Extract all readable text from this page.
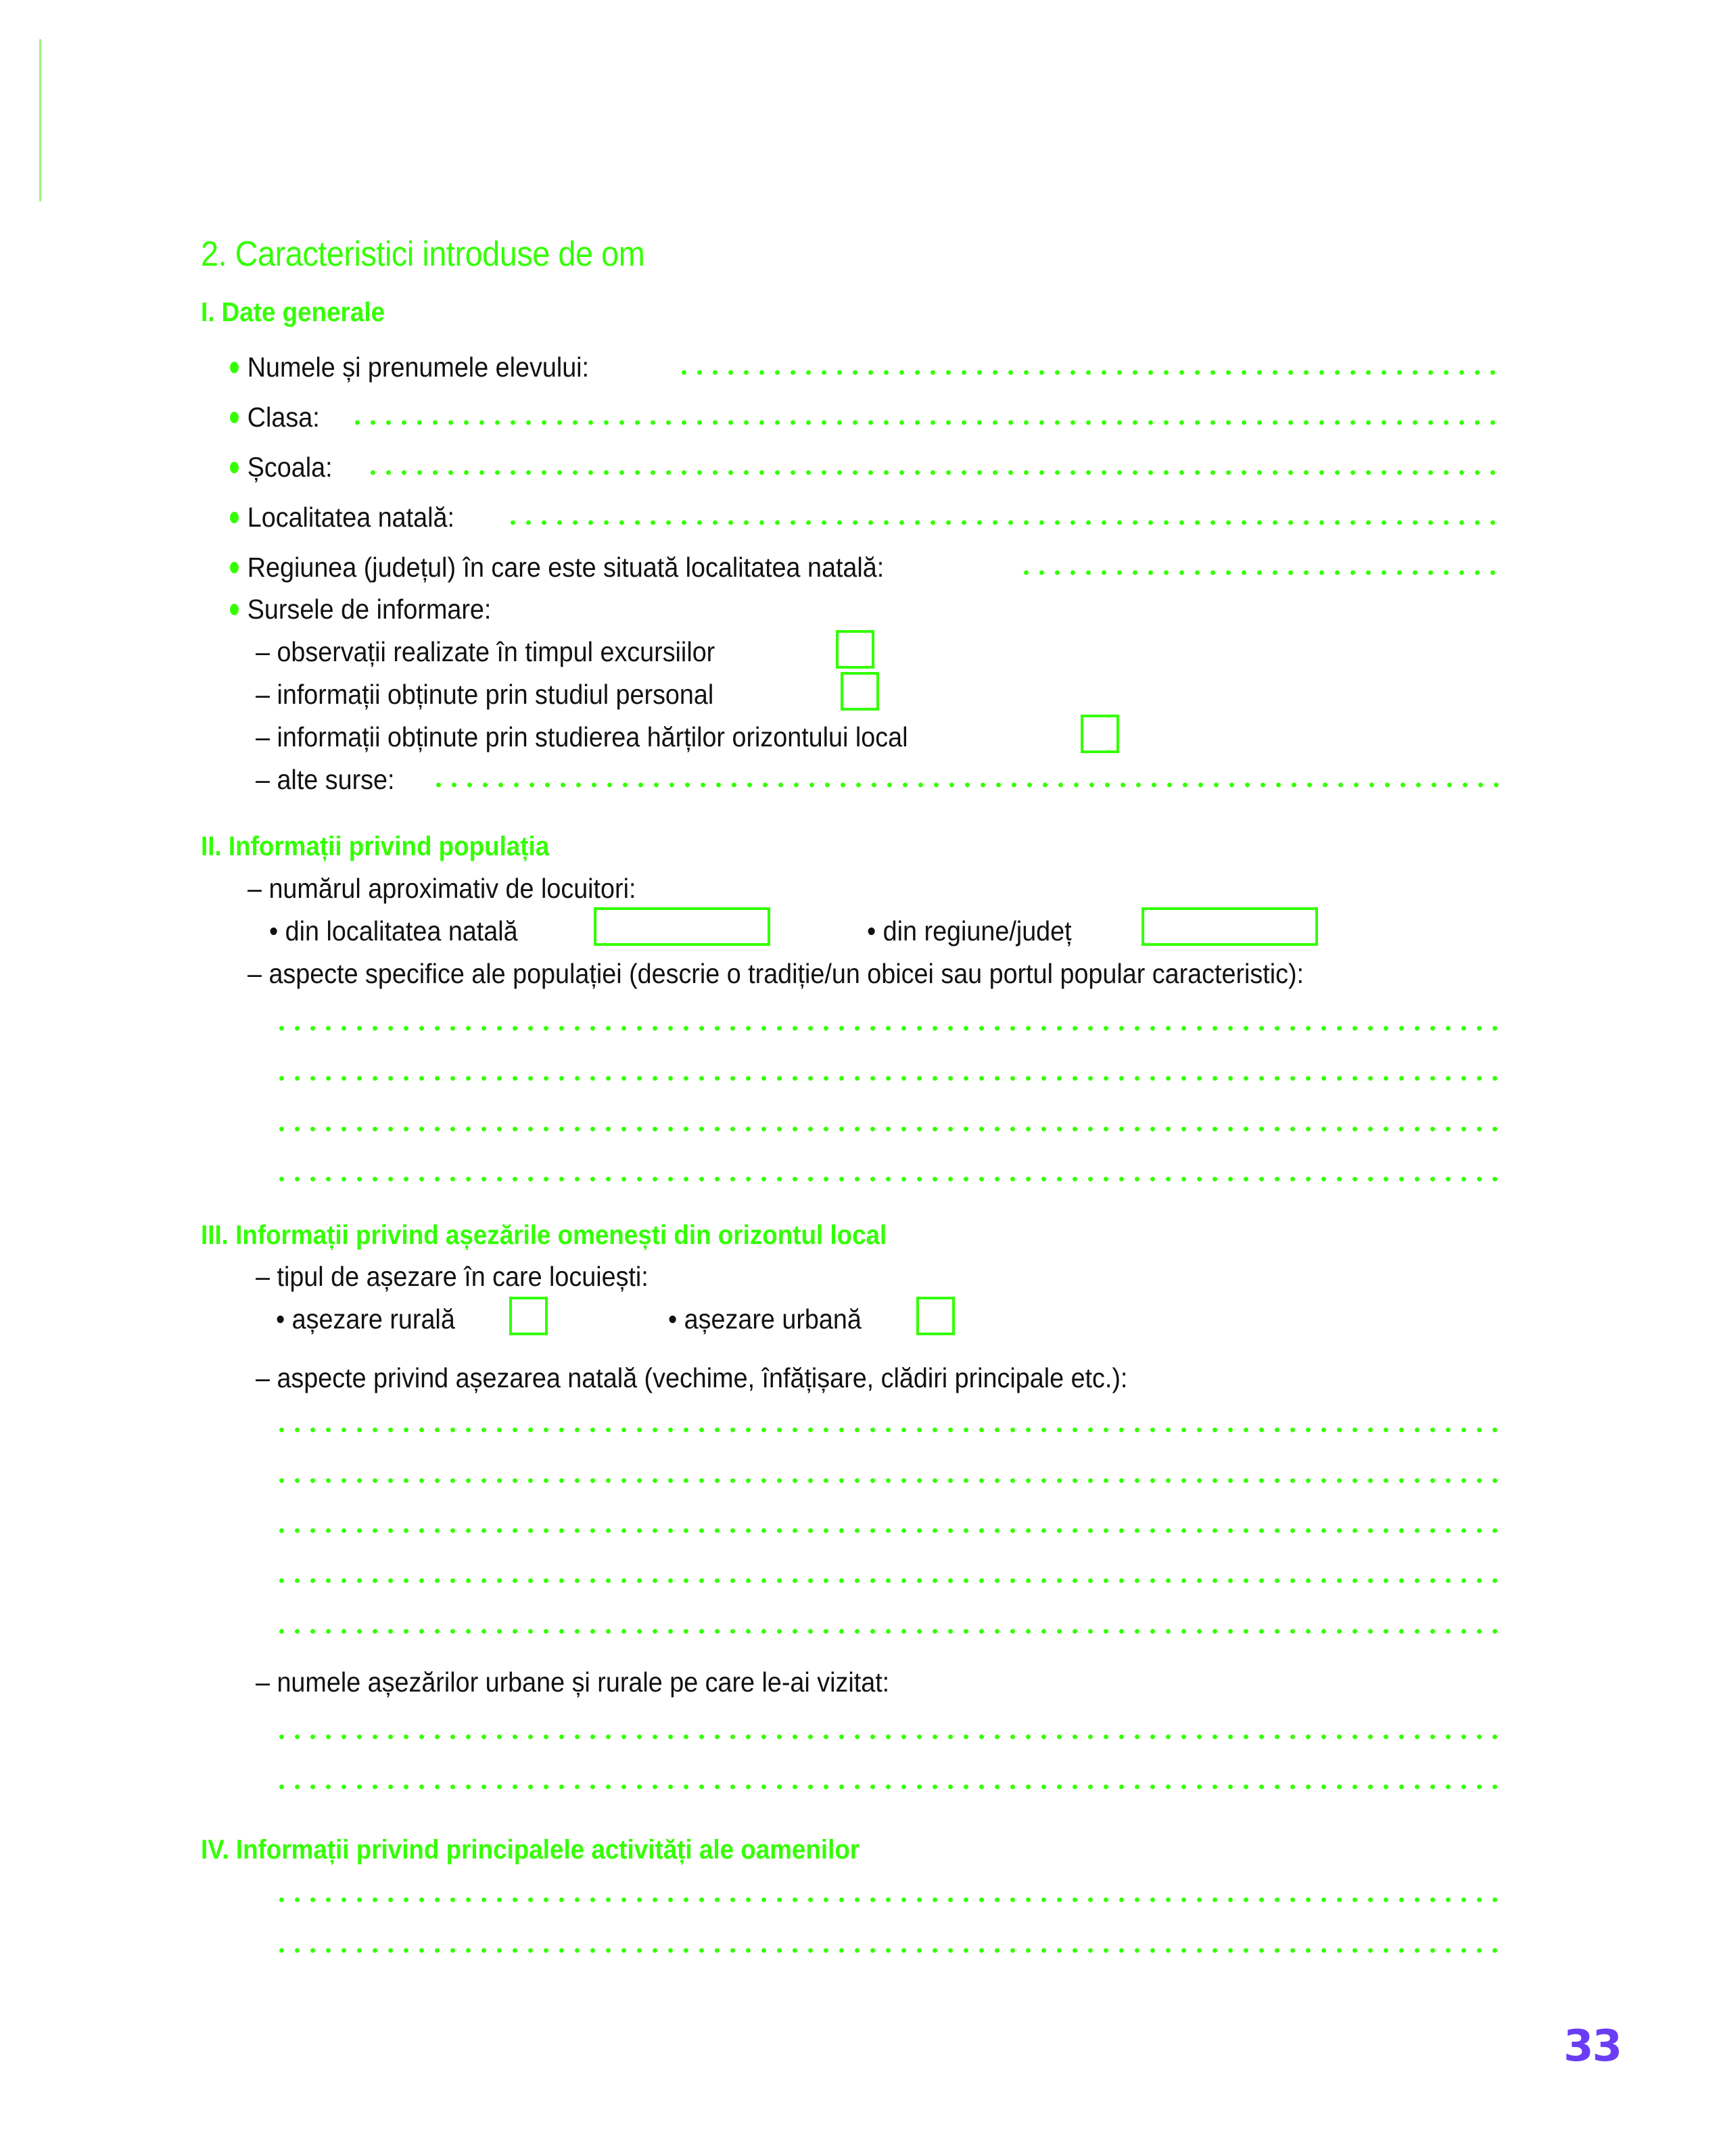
2. Caracteristici introduse de om
I. Date generale
Numele și prenumele elevului:
Clasa:
Școala:
Localitatea natală:
Regiunea (județul) în care este situată localitatea natală:
Sursele de informare:
– observații realizate în timpul excursiilor
– informații obținute prin studiul personal
– informații obținute prin studierea hărților orizontului local
– alte surse:
II. Informații privind populația
– numărul aproximativ de locuitori:
• din localitatea natală	• din regiune/județ
– aspecte specifice ale populației (descrie o tradiție/un obicei sau portul popular caracteristic):
III. Informații privind așezările omenești din orizontul local
– tipul de așezare în care locuiești:
• așezare rurală	• așezare urbană
– aspecte privind așezarea natală (vechime, înfățișare, clădiri principale etc.):
– numele așezărilor urbane și rurale pe care le-ai vizitat:
IV. Informații privind principalele activități ale oamenilor
33
